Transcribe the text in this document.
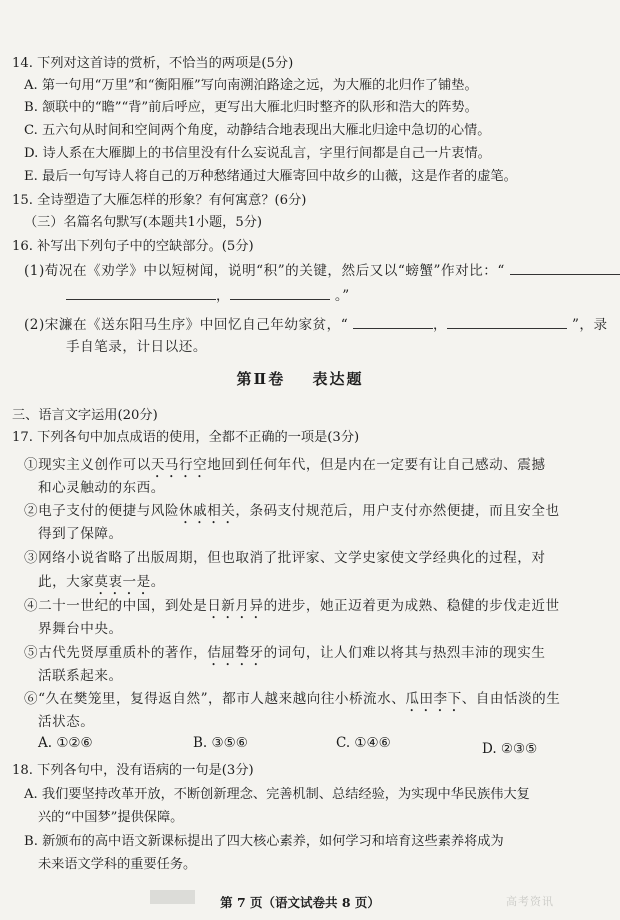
14. 下列对这首诗的赏析，不恰当的两项是(5分)
A. 第一句用“万里”和“衡阳雁”写向南溯泊路途之远，为大雁的北归作了铺垫。
B. 颔联中的“瞻”“背”前后呼应，更写出大雁北归时整齐的队形和浩大的阵势。
C. 五六句从时间和空间两个角度，动静结合地表现出大雁北归途中急切的心情。
D. 诗人系在大雁脚上的书信里没有什么妄说乱言，字里行间都是自己一片衷情。
E. 最后一句写诗人将自己的万种愁绪通过大雁寄回中故乡的山薇，这是作者的虚笔。
15. 全诗塑造了大雁怎样的形象？有何寓意？(6分)
（三）名篇名句默写(本题共1小题，5分)
16. 补写出下列句子中的空缺部分。(5分)
(1)荀况在《劝学》中以短树闻，说明“积”的关键，然后又以“螃蟹”作对比：“
，	。”
(2)宋濂在《送东阳马生序》中回忆自己年幼家贫，“	，	”，录
手自笔录，计日以还。
第Ⅱ卷 表达题
三、语言文字运用(20分)
17. 下列各句中加点成语的使用，全都不正确的一项是(3分)
①现实主义创作可以天马行空地回到任何年代，但是内在一定要有让自己感动、震撼
和心灵触动的东西。
②电子支付的便捷与风险休戚相关，条码支付规范后，用户支付亦然便捷，而且安全也
得到了保障。
③网络小说省略了出版周期，但也取消了批评家、文学史家使文学经典化的过程，对
此，大家莫衷一是。
④二十一世纪的中国，到处是日新月异的进步，她正迈着更为成熟、稳健的步伐走近世
界舞台中央。
⑤古代先贤厚重质朴的著作，佶屈聱牙的词句，让人们难以将其与热烈丰沛的现实生
活联系起来。
⑥“久在樊笼里，复得返自然”，都市人越来越向往小桥流水、瓜田李下、自由恬淡的生
活状态。
A. ①②⑥	B. ③⑤⑥	C. ①④⑥	D. ②③⑤
18. 下列各句中，没有语病的一句是(3分)
A. 我们要坚持改革开放，不断创新理念、完善机制、总结经验，为实现中华民族伟大复
兴的“中国梦”提供保障。
B. 新颁布的高中语文新课标提出了四大核心素养，如何学习和培育这些素养将成为
未来语文学科的重要任务。
第 7 页（语文试卷共 8 页）	高考资讯
